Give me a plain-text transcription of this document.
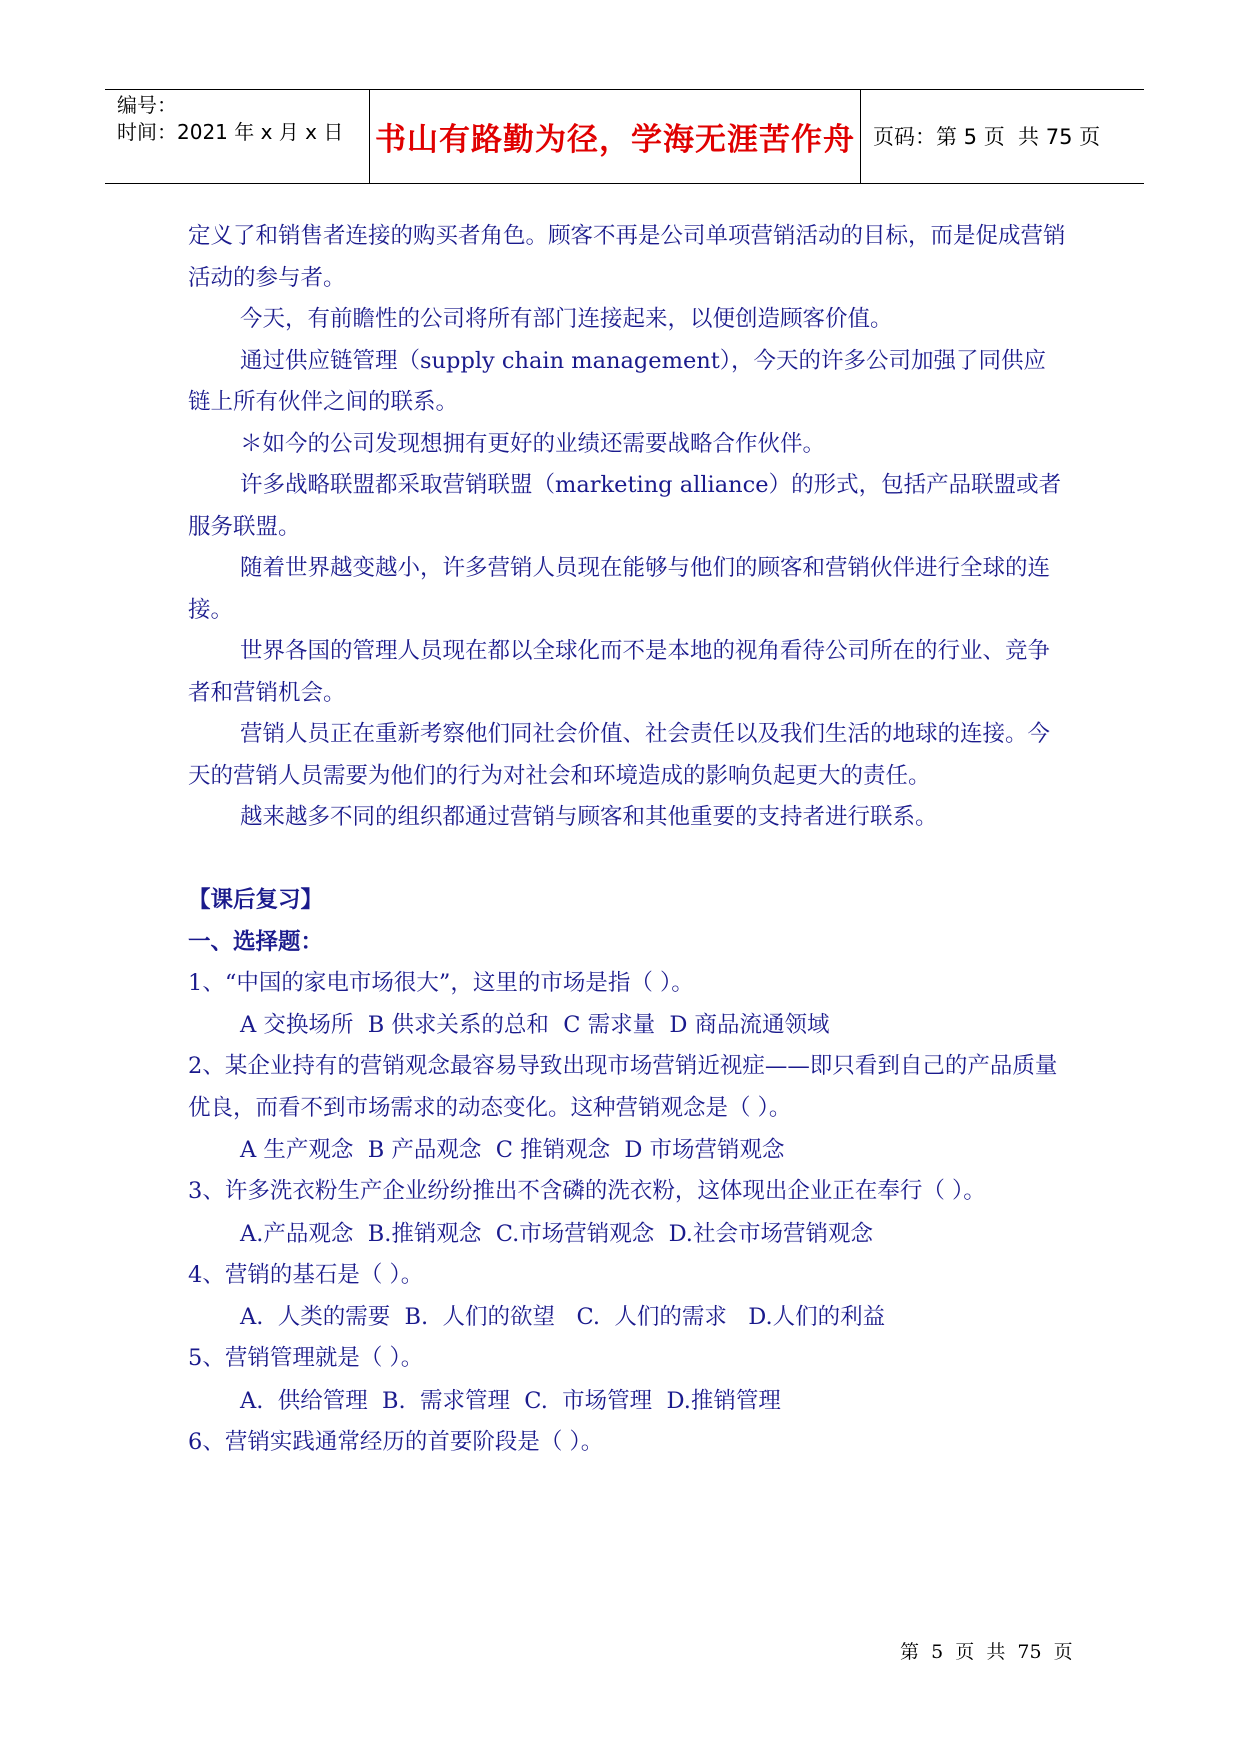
编号：
时间：2021 年 x 月 x 日	书山有路勤为径，学海无涯苦作舟 页码：第 5 页  共 75 页

定义了和销售者连接的购买者角色。顾客不再是公司单项营销活动的目标，而是促成营销活动的参与者。

今天，有前瞻性的公司将所有部门连接起来，以便创造顾客价值。

通过供应链管理（supply chain management），今天的许多公司加强了同供应链上所有伙伴之间的联系。

＊如今的公司发现想拥有更好的业绩还需要战略合作伙伴。

许多战略联盟都采取营销联盟（marketing alliance）的形式，包括产品联盟或者服务联盟。

随着世界越变越小，许多营销人员现在能够与他们的顾客和营销伙伴进行全球的连接。

世界各国的管理人员现在都以全球化而不是本地的视角看待公司所在的行业、竞争者和营销机会。

营销人员正在重新考察他们同社会价值、社会责任以及我们生活的地球的连接。今天的营销人员需要为他们的行为对社会和环境造成的影响负起更大的责任。

越来越多不同的组织都通过营销与顾客和其他重要的支持者进行联系。

【课后复习】

一、选择题：

1、“中国的家电市场很大”，这里的市场是指（ ）。

A 交换场所  B 供求关系的总和  C 需求量  D 商品流通领域

2、某企业持有的营销观念最容易导致出现市场营销近视症——即只看到自己的产品质量优良，而看不到市场需求的动态变化。这种营销观念是（ ）。

A 生产观念  B 产品观念  C 推销观念  D 市场营销观念

3、许多洗衣粉生产企业纷纷推出不含磷的洗衣粉，这体现出企业正在奉行（ ）。

A.产品观念  B.推销观念  C.市场营销观念  D.社会市场营销观念

4、营销的基石是（ ）。

A.  人类的需要  B.  人们的欲望   C.  人们的需求   D.人们的利益

5、营销管理就是（ ）。

A.  供给管理  B.  需求管理  C.  市场管理  D.推销管理

6、营销实践通常经历的首要阶段是（ ）。

第  5  页  共  75  页
